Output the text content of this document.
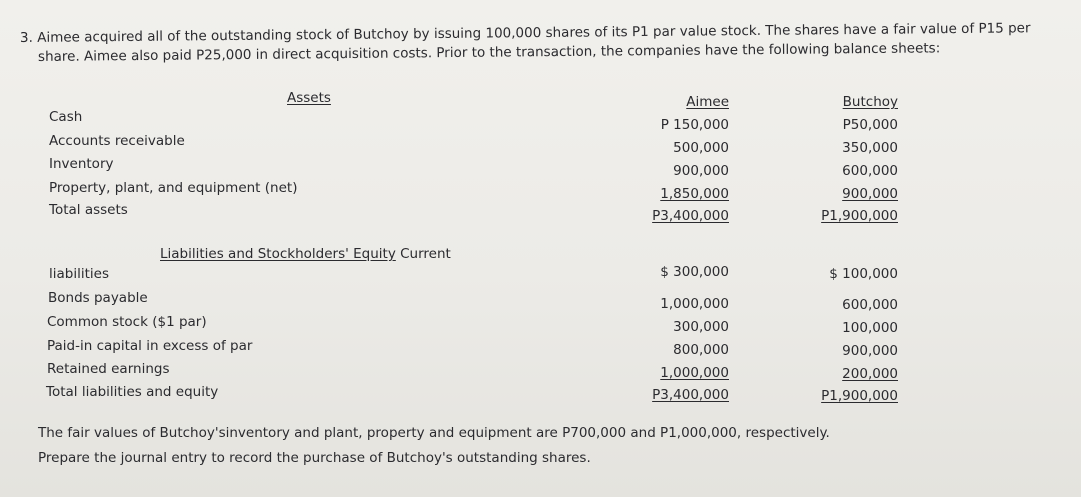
3. Aimee acquired all of the outstanding stock of Butchoy by issuing 100,000 shares of its P1 par value stock. The shares have a fair value of P15 per
share. Aimee also paid P25,000 in direct acquisition costs. Prior to the transaction, the companies have the following balance sheets:
Assets	Aimee	Butchoy
Cash	P 150,000	P50,000
Accounts receivable	500,000	350,000
Inventory	900,000	600,000
Property, plant, and equipment (net)	1,850,000	900,000
Total assets	P3,400,000	P1,900,000
Liabilities and Stockholders' Equity Current
liabilities	$ 300,000	$ 100,000
Bonds payable	1,000,000	600,000
Common stock ($1 par)	300,000	100,000
Paid-in capital in excess of par	800,000	900,000
Retained earnings	1,000,000	200,000
Total liabilities and equity	P3,400,000	P1,900,000
The fair values of Butchoy'sinventory and plant, property and equipment are P700,000 and P1,000,000, respectively.
Prepare the journal entry to record the purchase of Butchoy's outstanding shares.
